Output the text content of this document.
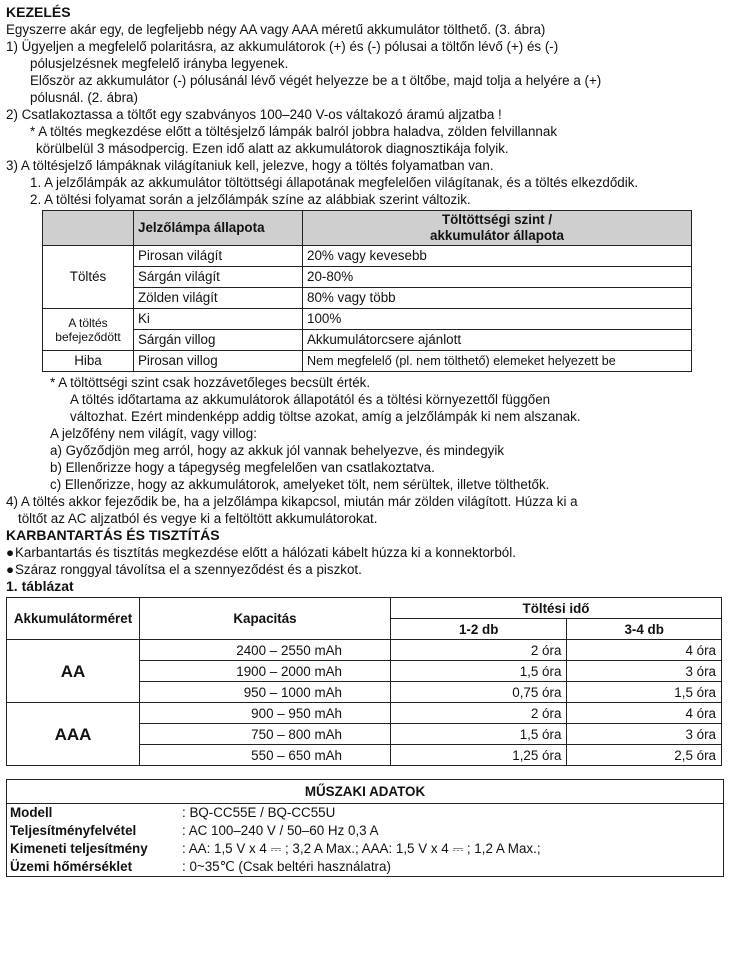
KEZELÉS

Egyszerre akár egy, de legfeljebb négy AA vagy AAA méretű akkumulátor tölthető. (3. ábra)

1) Ügyeljen a megfelelő polaritásra, az akkumulátorok (+) és (-) pólusai a töltőn lévő (+) és (-)

pólusjelzésnek megfelelő irányba legyenek.

Először az akkumulátor (-) pólusánál lévő végét helyezze be a t öltőbe, majd tolja a helyére a (+)

pólusnál. (2. ábra)

2) Csatlakoztassa a töltőt egy szabványos 100–240 V-os váltakozó áramú aljzatba !

* A töltés megkezdése előtt a töltésjelző lámpák balról jobbra haladva, zölden felvillannak

körülbelül 3 másodpercig. Ezen idő alatt az akkumulátorok diagnosztikája folyik.

3) A töltésjelző lámpáknak világítaniuk kell, jelezve, hogy a töltés folyamatban van.

1. A jelzőlámpák az akkumulátor töltöttségi állapotának megfelelően világítanak, és a töltés elkezdődik.

2. A töltési folyamat során a jelzőlámpák színe az alábbiak szerint változik.

	Jelzőlámpa állapota	Töltöttségi szint /
akkumulátor állapota

Töltés	Pirosan világít	20% vagy kevesebb
	Sárgán világít	20-80%
	Zölden világít	80% vagy több

A töltés
befejeződött	Ki	100%
	Sárgán villog	Akkumulátorcsere ajánlott
Hiba	Pirosan villog	Nem megfelelő (pl. nem tölthető) elemeket helyezett be

* A töltöttségi szint csak hozzávetőleges becsült érték.

A töltés időtartama az akkumulátorok állapotától és a töltési környezettől függően

változhat. Ezért mindenképp addig töltse azokat, amíg a jelzőlámpák ki nem alszanak.

A jelzőfény nem világít, vagy villog:

a) Győződjön meg arról, hogy az akkuk jól vannak behelyezve, és mindegyik

b) Ellenőrizze hogy a tápegység megfelelően van csatlakoztatva.

c) Ellenőrizze, hogy az akkumulátorok, amelyeket tölt, nem sérültek, illetve tölthetők.

4) A töltés akkor fejeződik be, ha a jelzőlámpa kikapcsol, miután már zölden világított. Húzza ki a

töltőt az AC aljzatból és vegye ki a feltöltött akkumulátorokat.

KARBANTARTÁS ÉS TISZTÍTÁS

●Karbantartás és tisztítás megkezdése előtt a hálózati kábelt húzza ki a konnektorból.

●Száraz ronggyal távolítsa el a szennyeződést és a piszkot.

1. táblázat

Akkumulátorméret	Kapacitás	Töltési idő	
		1-2 db	3-4 db
AA	2400 – 2550 mAh	2 óra	4 óra
	1900 – 2000 mAh	1,5 óra	3 óra
	950 – 1000 mAh	0,75 óra	1,5 óra
AAA	900 – 950 mAh	2 óra	4 óra
	750 – 800 mAh	1,5 óra	3 óra
	550 – 650 mAh	1,25 óra	2,5 óra
MŰSZAKI ADATOK
Modell	: BQ-CC55E / BQ-CC55U
Teljesítményfelvétel	: AC 100–240 V / 50–60 Hz 0,3 A
Kimeneti teljesítmény	: AA: 1,5 V x 4 ⎓ ; 3,2 A Max.; AAA: 1,5 V x 4 ⎓ ; 1,2 A Max.;
Üzemi hőmérséklet	: 0~35℃ (Csak beltéri használatra)
